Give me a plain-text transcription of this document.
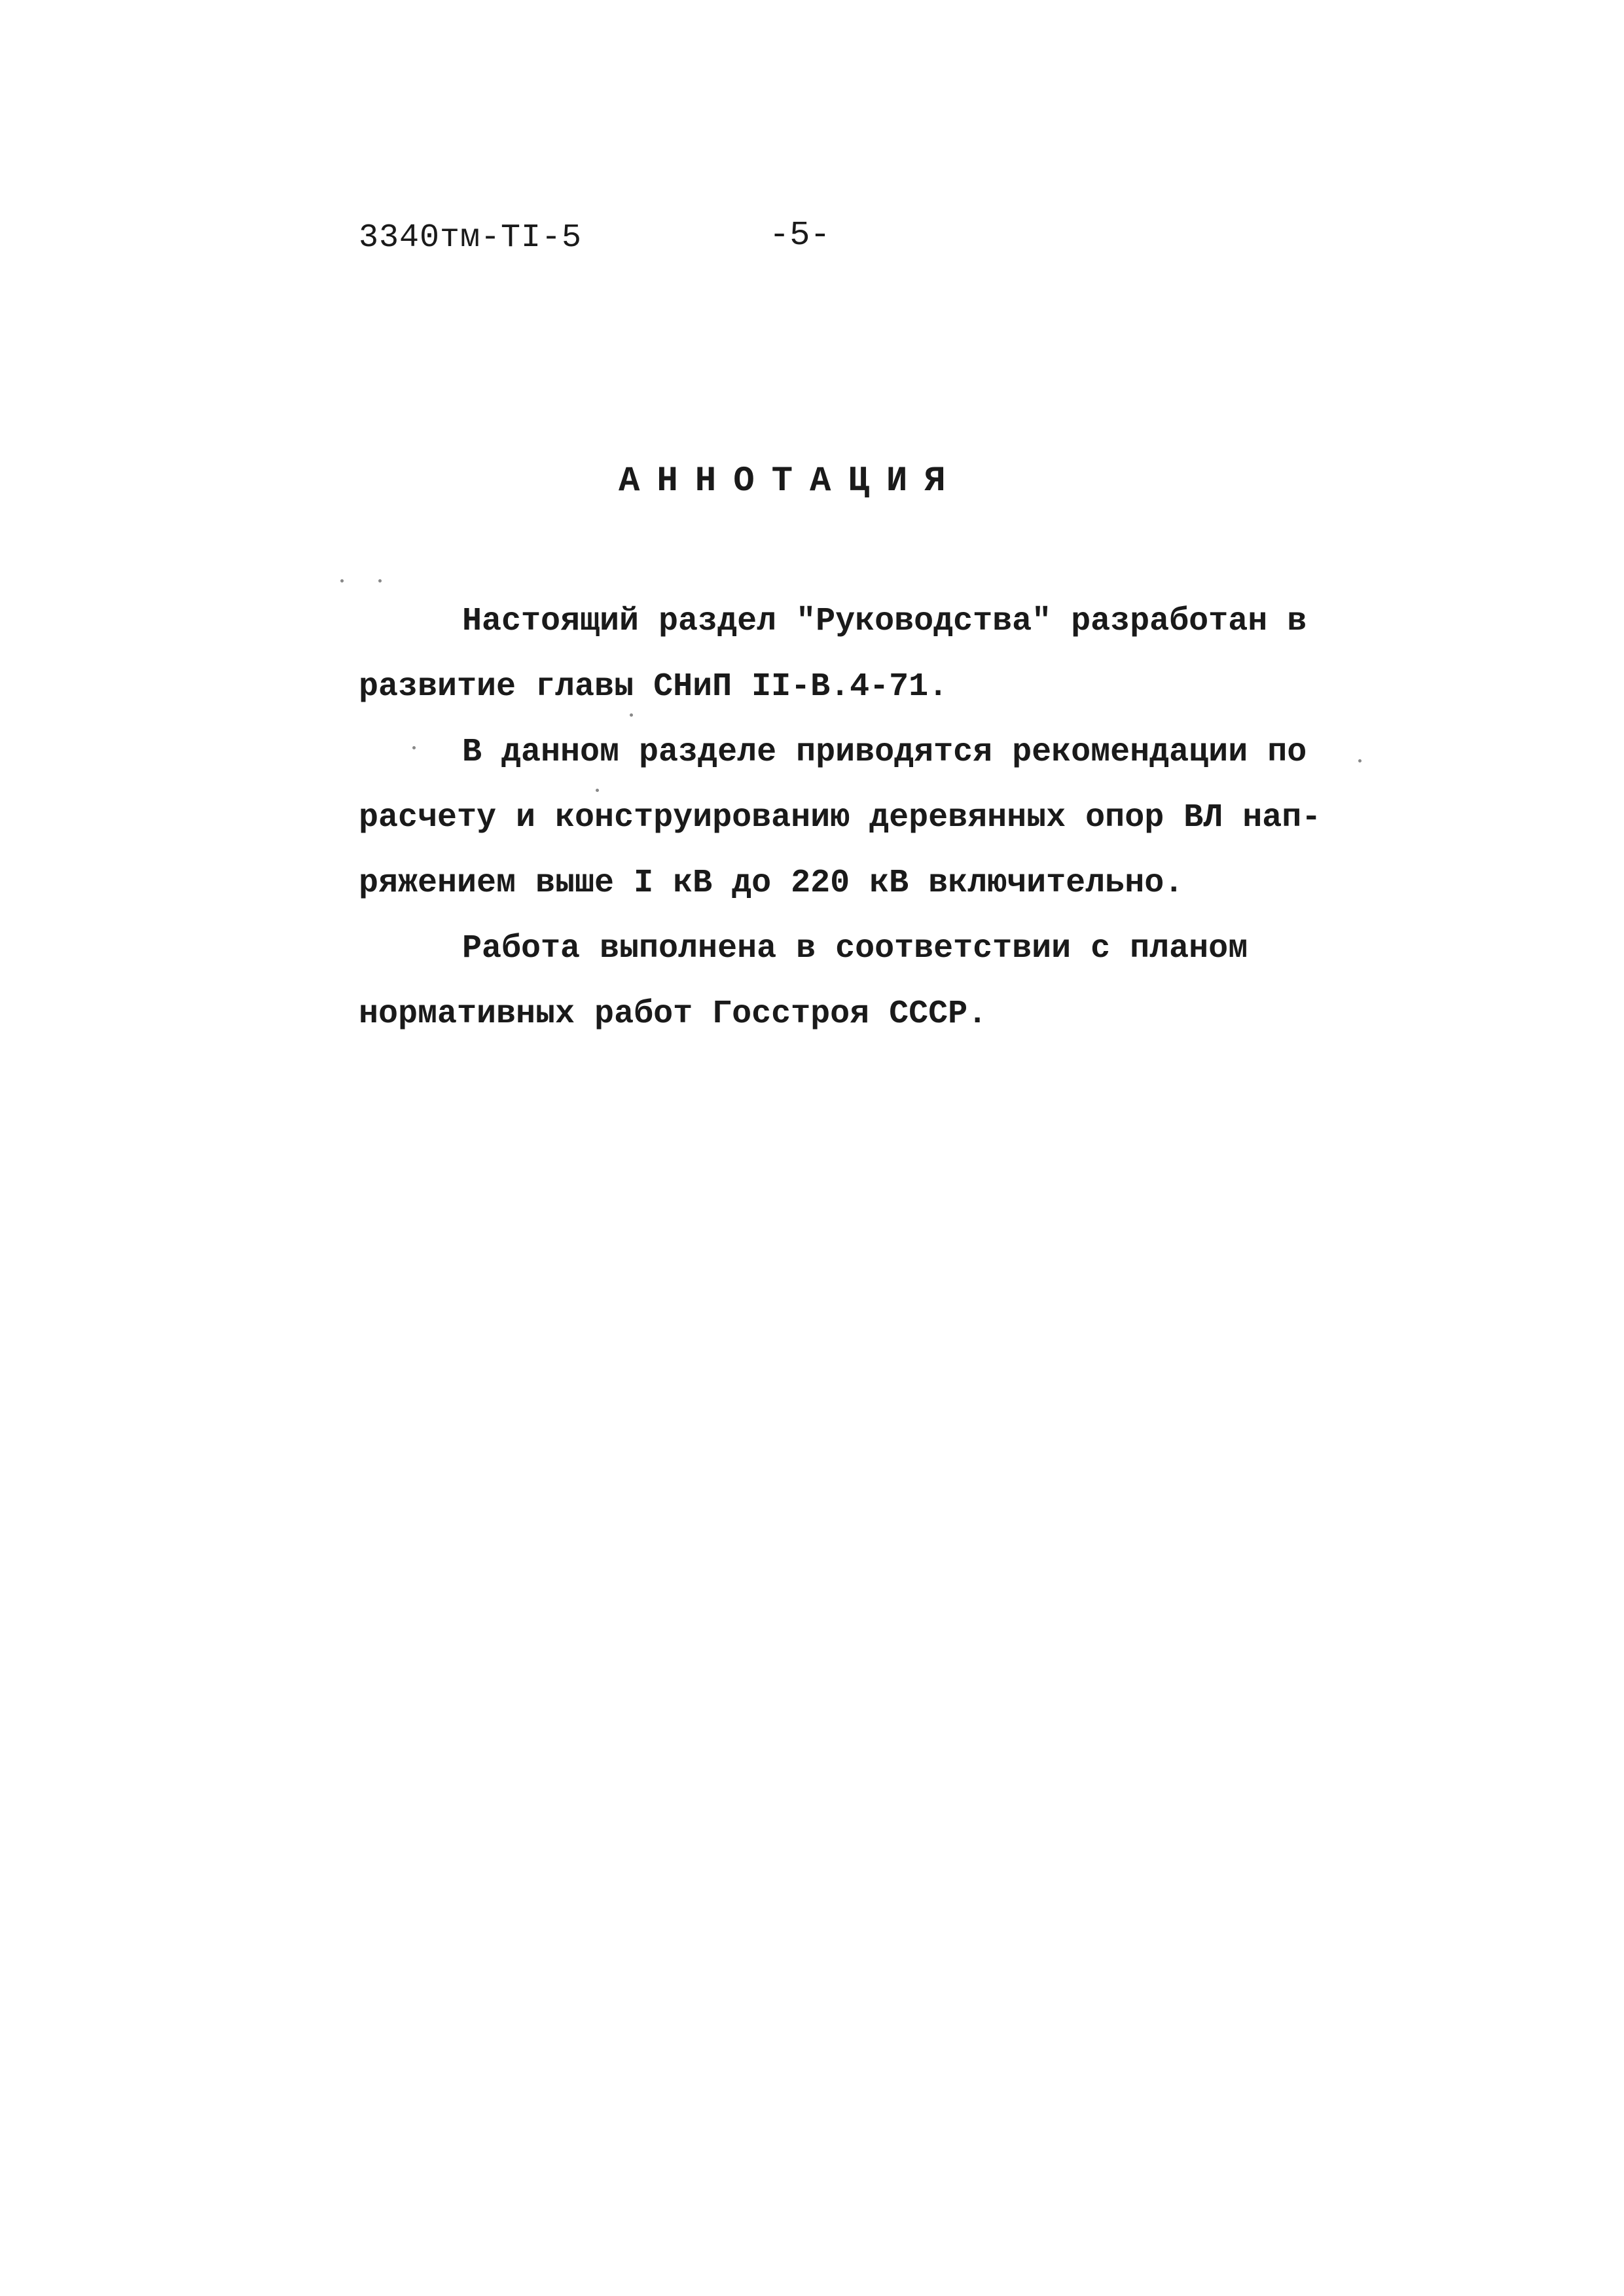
3340тм-ТI-5	-5-
АННОТАЦИЯ

Настоящий раздел "Руководства" разработан в
развитие главы СНиП II-В.4-71.

В данном разделе приводятся рекомендации по
расчету и конструированию деревянных опор ВЛ нап-
ряжением выше I кВ до 220 кВ включительно.

Работа выполнена в соответствии с планом
нормативных работ Госстроя СССР.
